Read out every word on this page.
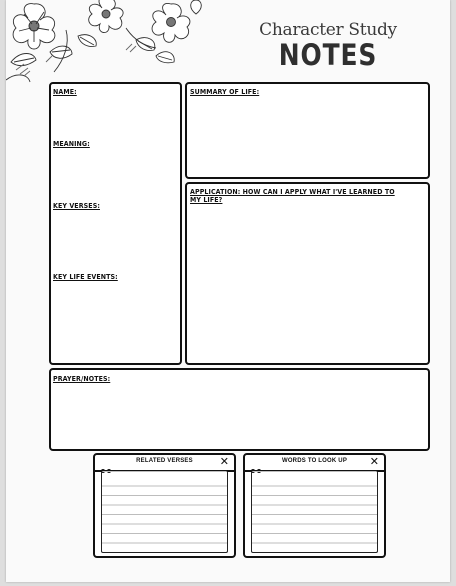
Character Study
NOTES
NAME:
MEANING:
KEY VERSES:
KEY LIFE EVENTS:
SUMMARY OF LIFE:
APPLICATION: HOW CAN I APPLY WHAT I'VE LEARNED TO
MY LIFE?
PRAYER/NOTES:
RELATED VERSES	✕	WORDS TO LOOK UP	✕
